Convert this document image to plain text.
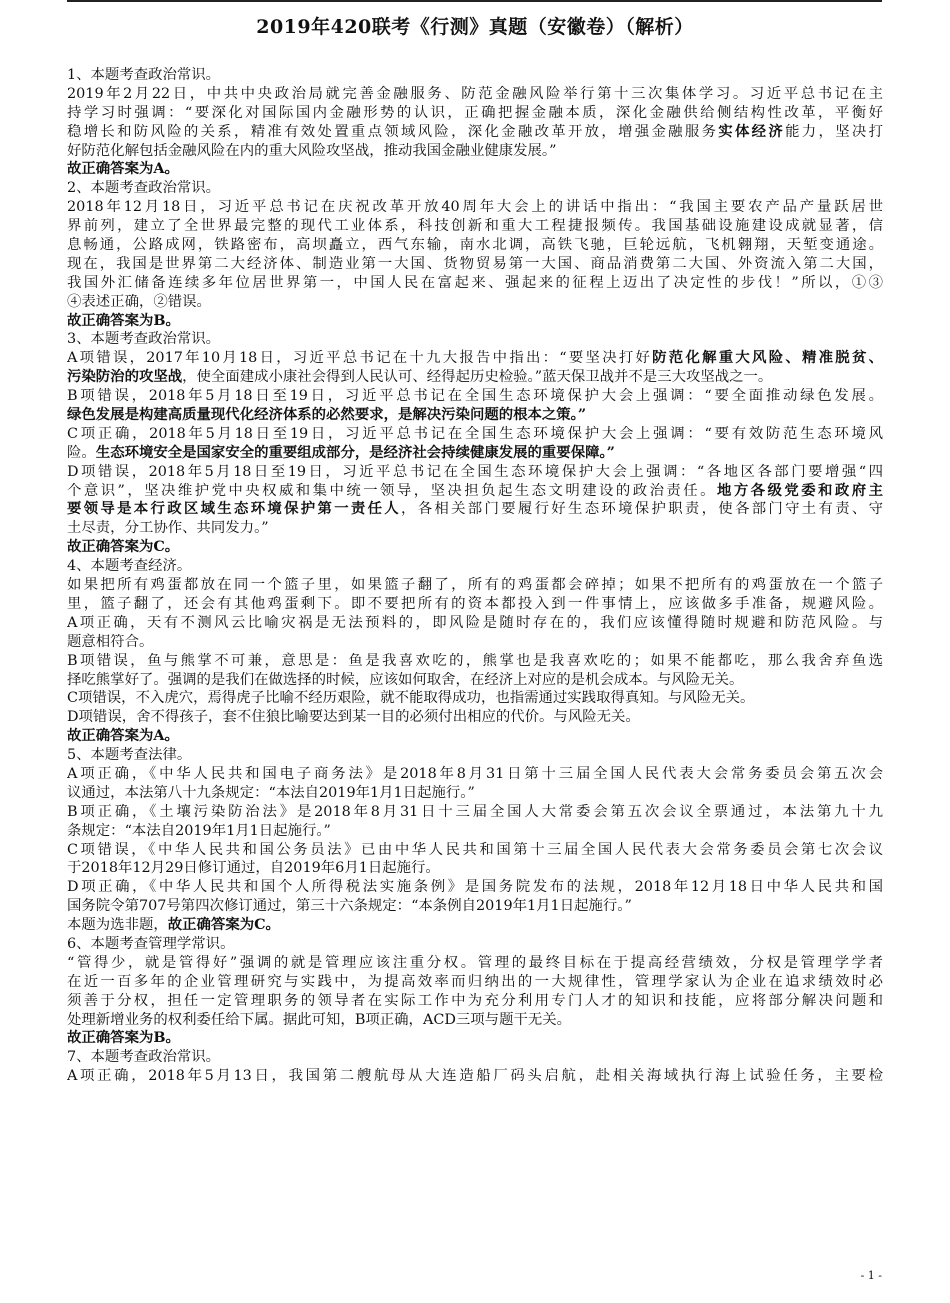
2019年420联考《行测》真题（安徽卷）（解析）
1、本题考查政治常识。
2019年2月22日，中共中央政治局就完善金融服务、防范金融风险举行第十三次集体学习。习近平总书记在主
持学习时强调：“要深化对国际国内金融形势的认识，正确把握金融本质，深化金融供给侧结构性改革，平衡好
稳增长和防风险的关系，精准有效处置重点领域风险，深化金融改革开放，增强金融服务实体经济能力，坚决打
好防范化解包括金融风险在内的重大风险攻坚战，推动我国金融业健康发展。”
故正确答案为A。
2、本题考查政治常识。
2018年12月18日，习近平总书记在庆祝改革开放40周年大会上的讲话中指出：“我国主要农产品产量跃居世
界前列，建立了全世界最完整的现代工业体系，科技创新和重大工程捷报频传。我国基础设施建设成就显著，信
息畅通，公路成网，铁路密布，高坝矗立，西气东输，南水北调，高铁飞驰，巨轮远航，飞机翱翔，天堑变通途。
现在，我国是世界第二大经济体、制造业第一大国、货物贸易第一大国、商品消费第二大国、外资流入第二大国，
我国外汇储备连续多年位居世界第一，中国人民在富起来、强起来的征程上迈出了决定性的步伐！”所以，①③
④表述正确，②错误。
故正确答案为B。
3、本题考查政治常识。
A项错误，2017年10月18日，习近平总书记在十九大报告中指出：“要坚决打好防范化解重大风险、精准脱贫、
污染防治的攻坚战，使全面建成小康社会得到人民认可、经得起历史检验。”蓝天保卫战并不是三大攻坚战之一。
B项错误，2018年5月18日至19日，习近平总书记在全国生态环境保护大会上强调：“要全面推动绿色发展。
绿色发展是构建高质量现代化经济体系的必然要求，是解决污染问题的根本之策。”
C项正确，2018年5月18日至19日，习近平总书记在全国生态环境保护大会上强调：“要有效防范生态环境风
险。生态环境安全是国家安全的重要组成部分，是经济社会持续健康发展的重要保障。”
D项错误，2018年5月18日至19日，习近平总书记在全国生态环境保护大会上强调：“各地区各部门要增强“四
个意识”，坚决维护党中央权威和集中统一领导，坚决担负起生态文明建设的政治责任。地方各级党委和政府主
要领导是本行政区域生态环境保护第一责任人，各相关部门要履行好生态环境保护职责，使各部门守土有责、守
土尽责，分工协作、共同发力。”
故正确答案为C。
4、本题考查经济。
如果把所有鸡蛋都放在同一个篮子里，如果篮子翻了，所有的鸡蛋都会碎掉；如果不把所有的鸡蛋放在一个篮子
里，篮子翻了，还会有其他鸡蛋剩下。即不要把所有的资本都投入到一件事情上，应该做多手准备，规避风险。
A项正确，天有不测风云比喻灾祸是无法预料的，即风险是随时存在的，我们应该懂得随时规避和防范风险。与
题意相符合。
B项错误，鱼与熊掌不可兼，意思是：鱼是我喜欢吃的，熊掌也是我喜欢吃的；如果不能都吃，那么我舍弃鱼选
择吃熊掌好了。强调的是我们在做选择的时候，应该如何取舍，在经济上对应的是机会成本。与风险无关。
C项错误，不入虎穴，焉得虎子比喻不经历艰险，就不能取得成功，也指需通过实践取得真知。与风险无关。
D项错误，舍不得孩子，套不住狼比喻要达到某一目的必须付出相应的代价。与风险无关。
故正确答案为A。
5、本题考查法律。
A项正确，《中华人民共和国电子商务法》是2018年8月31日第十三届全国人民代表大会常务委员会第五次会
议通过，本法第八十九条规定：“本法自2019年1月1日起施行。”
B项正确，《土壤污染防治法》是2018年8月31日十三届全国人大常委会第五次会议全票通过，本法第九十九
条规定：“本法自2019年1月1日起施行。”
C项错误，《中华人民共和国公务员法》已由中华人民共和国第十三届全国人民代表大会常务委员会第七次会议
于2018年12月29日修订通过，自2019年6月1日起施行。
D项正确，《中华人民共和国个人所得税法实施条例》是国务院发布的法规，2018年12月18日中华人民共和国
国务院令第707号第四次修订通过，第三十六条规定：“本条例自2019年1月1日起施行。”
本题为选非题，故正确答案为C。
6、本题考查管理学常识。
“管得少，就是管得好”强调的就是管理应该注重分权。管理的最终目标在于提高经营绩效，分权是管理学学者
在近一百多年的企业管理研究与实践中，为提高效率而归纳出的一大规律性，管理学家认为企业在追求绩效时必
须善于分权，担任一定管理职务的领导者在实际工作中为充分利用专门人才的知识和技能，应将部分解决问题和
处理新增业务的权利委任给下属。据此可知，B项正确，ACD三项与题干无关。
故正确答案为B。
7、本题考查政治常识。
A项正确，2018年5月13日，我国第二艘航母从大连造船厂码头启航，赴相关海域执行海上试验任务，主要检
- 1 -
